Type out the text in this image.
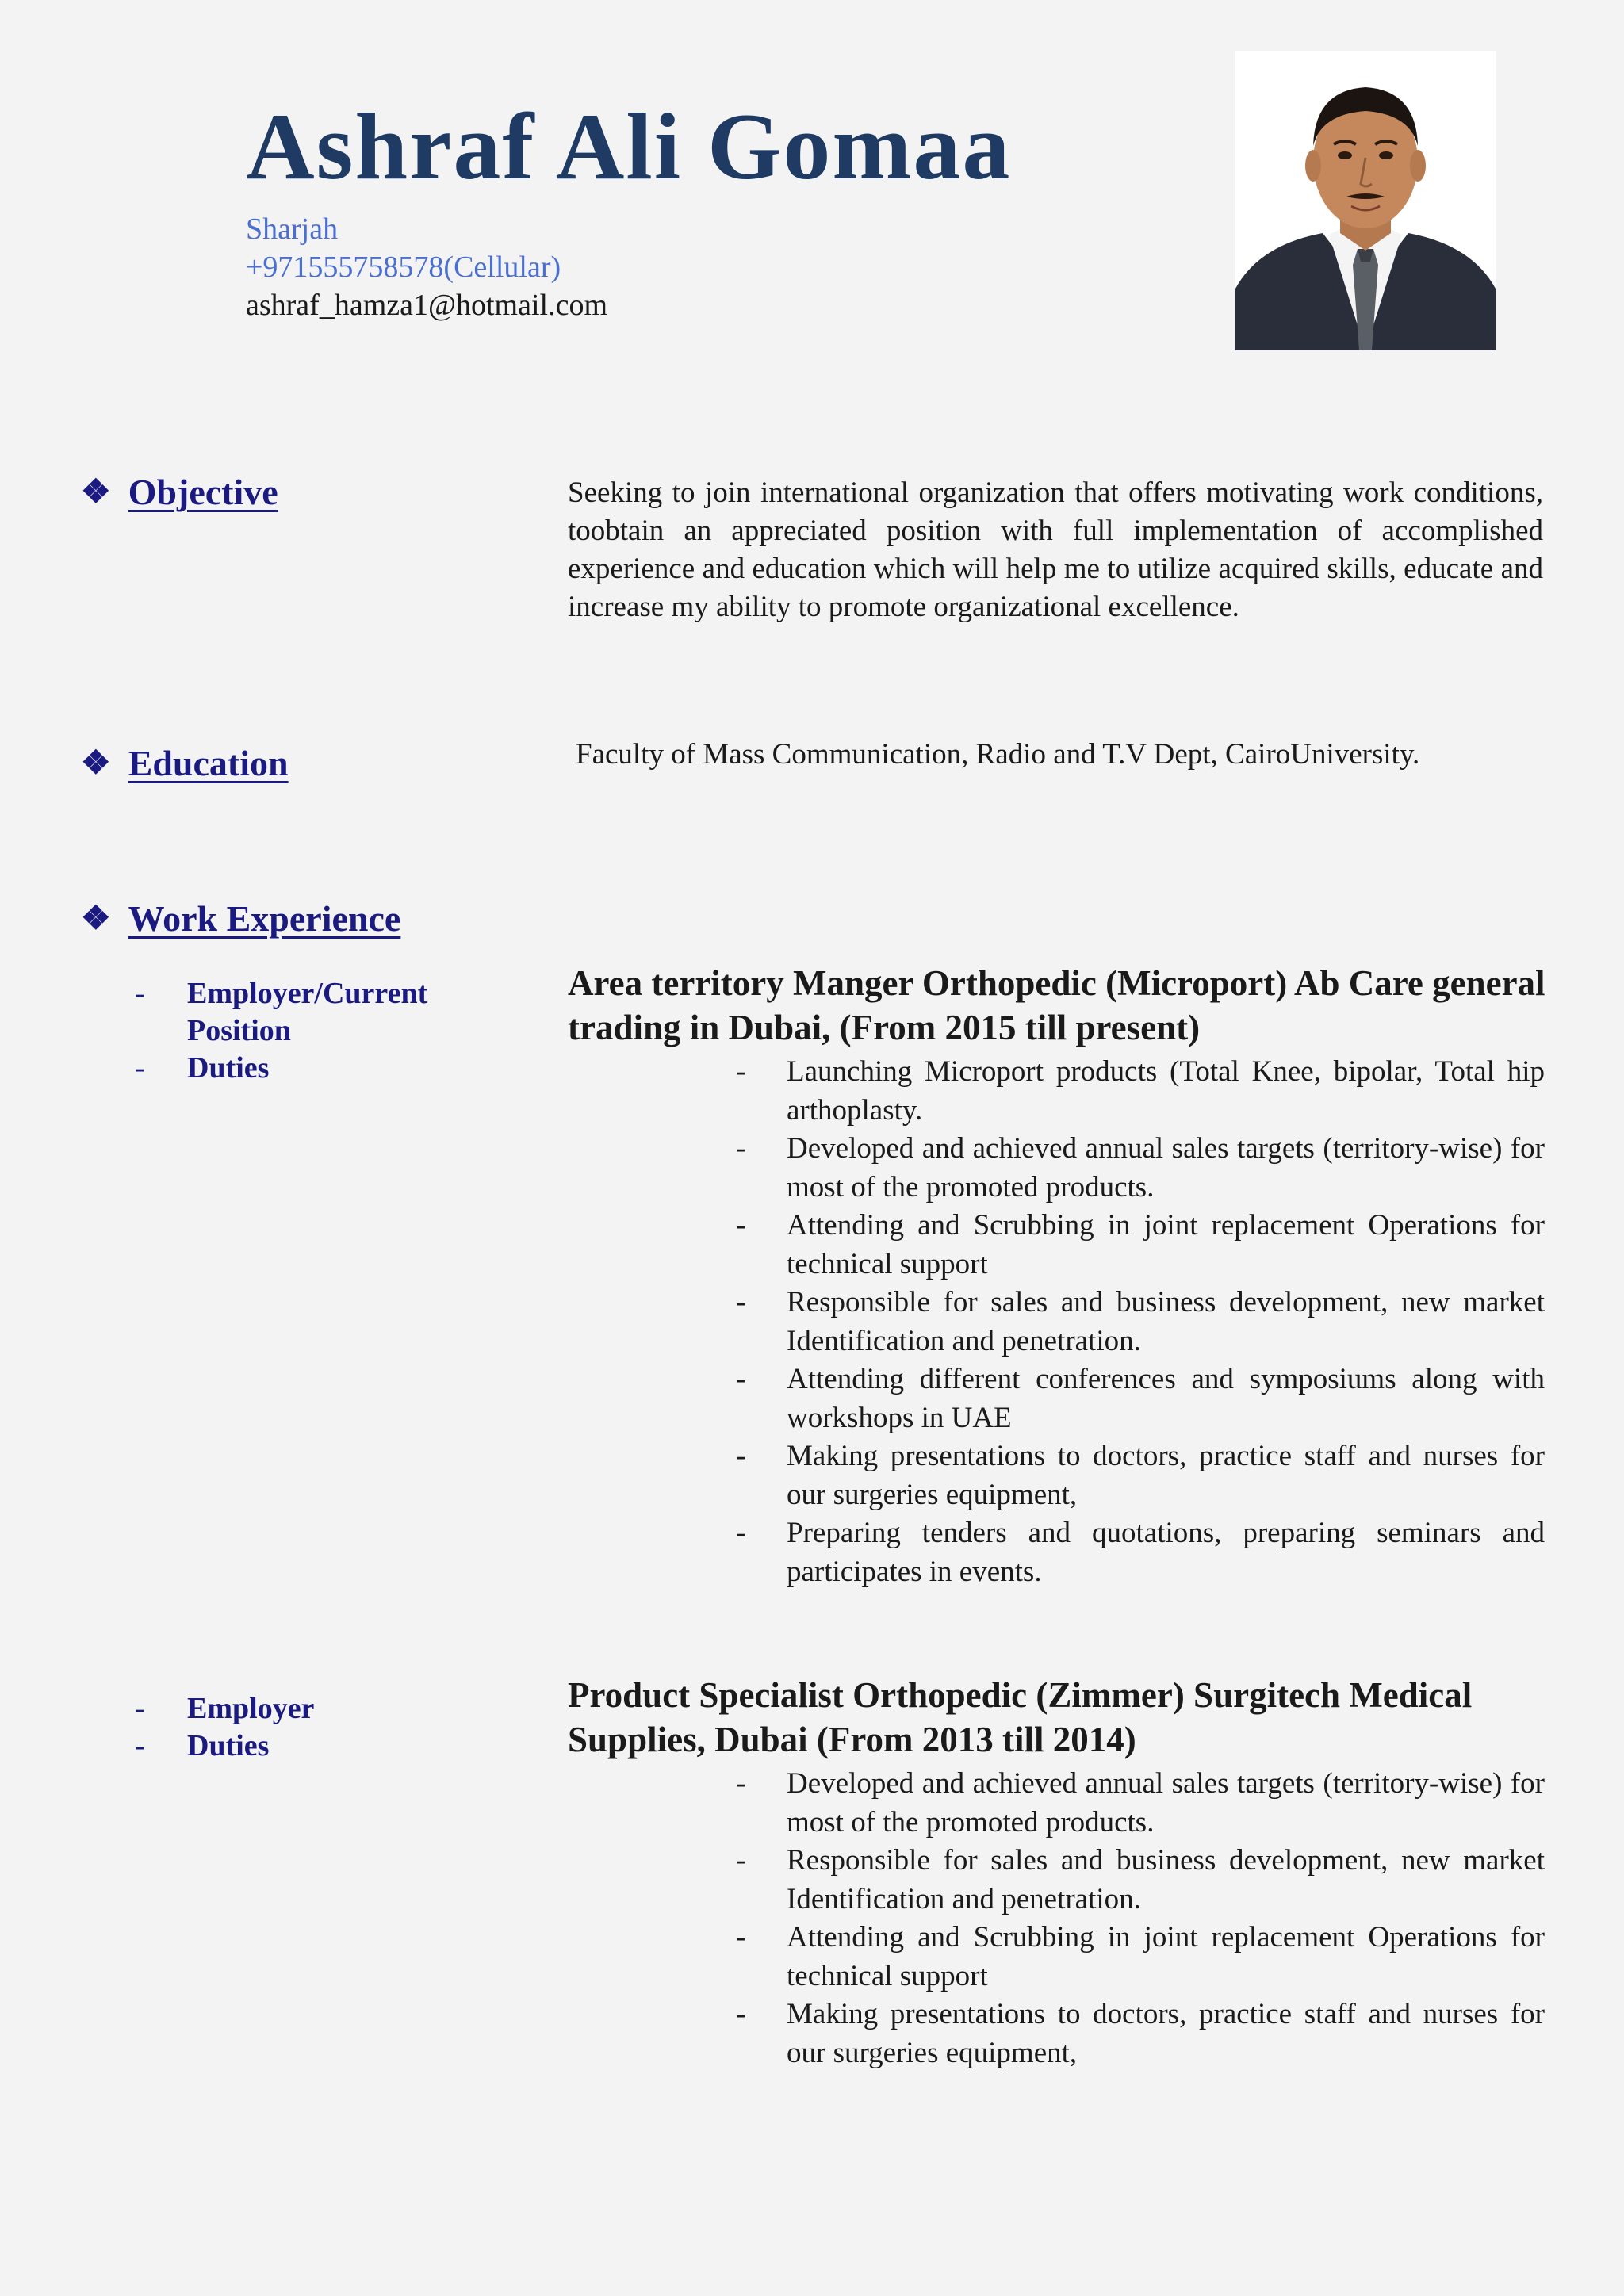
Ashraf Ali Gomaa
Sharjah
+971555758578(Cellular)
ashraf_hamza1@hotmail.com
❖ Objective	Seeking to join international organization that offers motivating work conditions, toobtain an appreciated position with full implementation of accomplished experience and education which will help me to utilize acquired skills, educate and increase my ability to promote organizational excellence.
❖ Education	Faculty of Mass Communication, Radio and T.V Dept, CairoUniversity.
❖ Work Experience
-	Employer/Current Position
-	Duties
Area territory Manger Orthopedic (Microport) Ab Care general trading in Dubai, (From 2015 till present)
-	Launching Microport products (Total Knee, bipolar, Total hip arthoplasty.
-	Developed and achieved annual sales targets (territory-wise) for most of the promoted products.
-	Attending and Scrubbing in joint replacement Operations for technical support
-	Responsible for sales and business development, new market Identification and penetration.
-	Attending different conferences and symposiums along with workshops in UAE
-	Making presentations to doctors, practice staff and nurses for our surgeries equipment,
-	Preparing tenders and quotations, preparing seminars and participates in events.
-	Employer
-	Duties
Product Specialist Orthopedic (Zimmer) Surgitech Medical Supplies, Dubai (From 2013 till 2014)
-	Developed and achieved annual sales targets (territory-wise) for most of the promoted products.
-	Responsible for sales and business development, new market Identification and penetration.
-	Attending and Scrubbing in joint replacement Operations for technical support
-	Making presentations to doctors, practice staff and nurses for our surgeries equipment,
